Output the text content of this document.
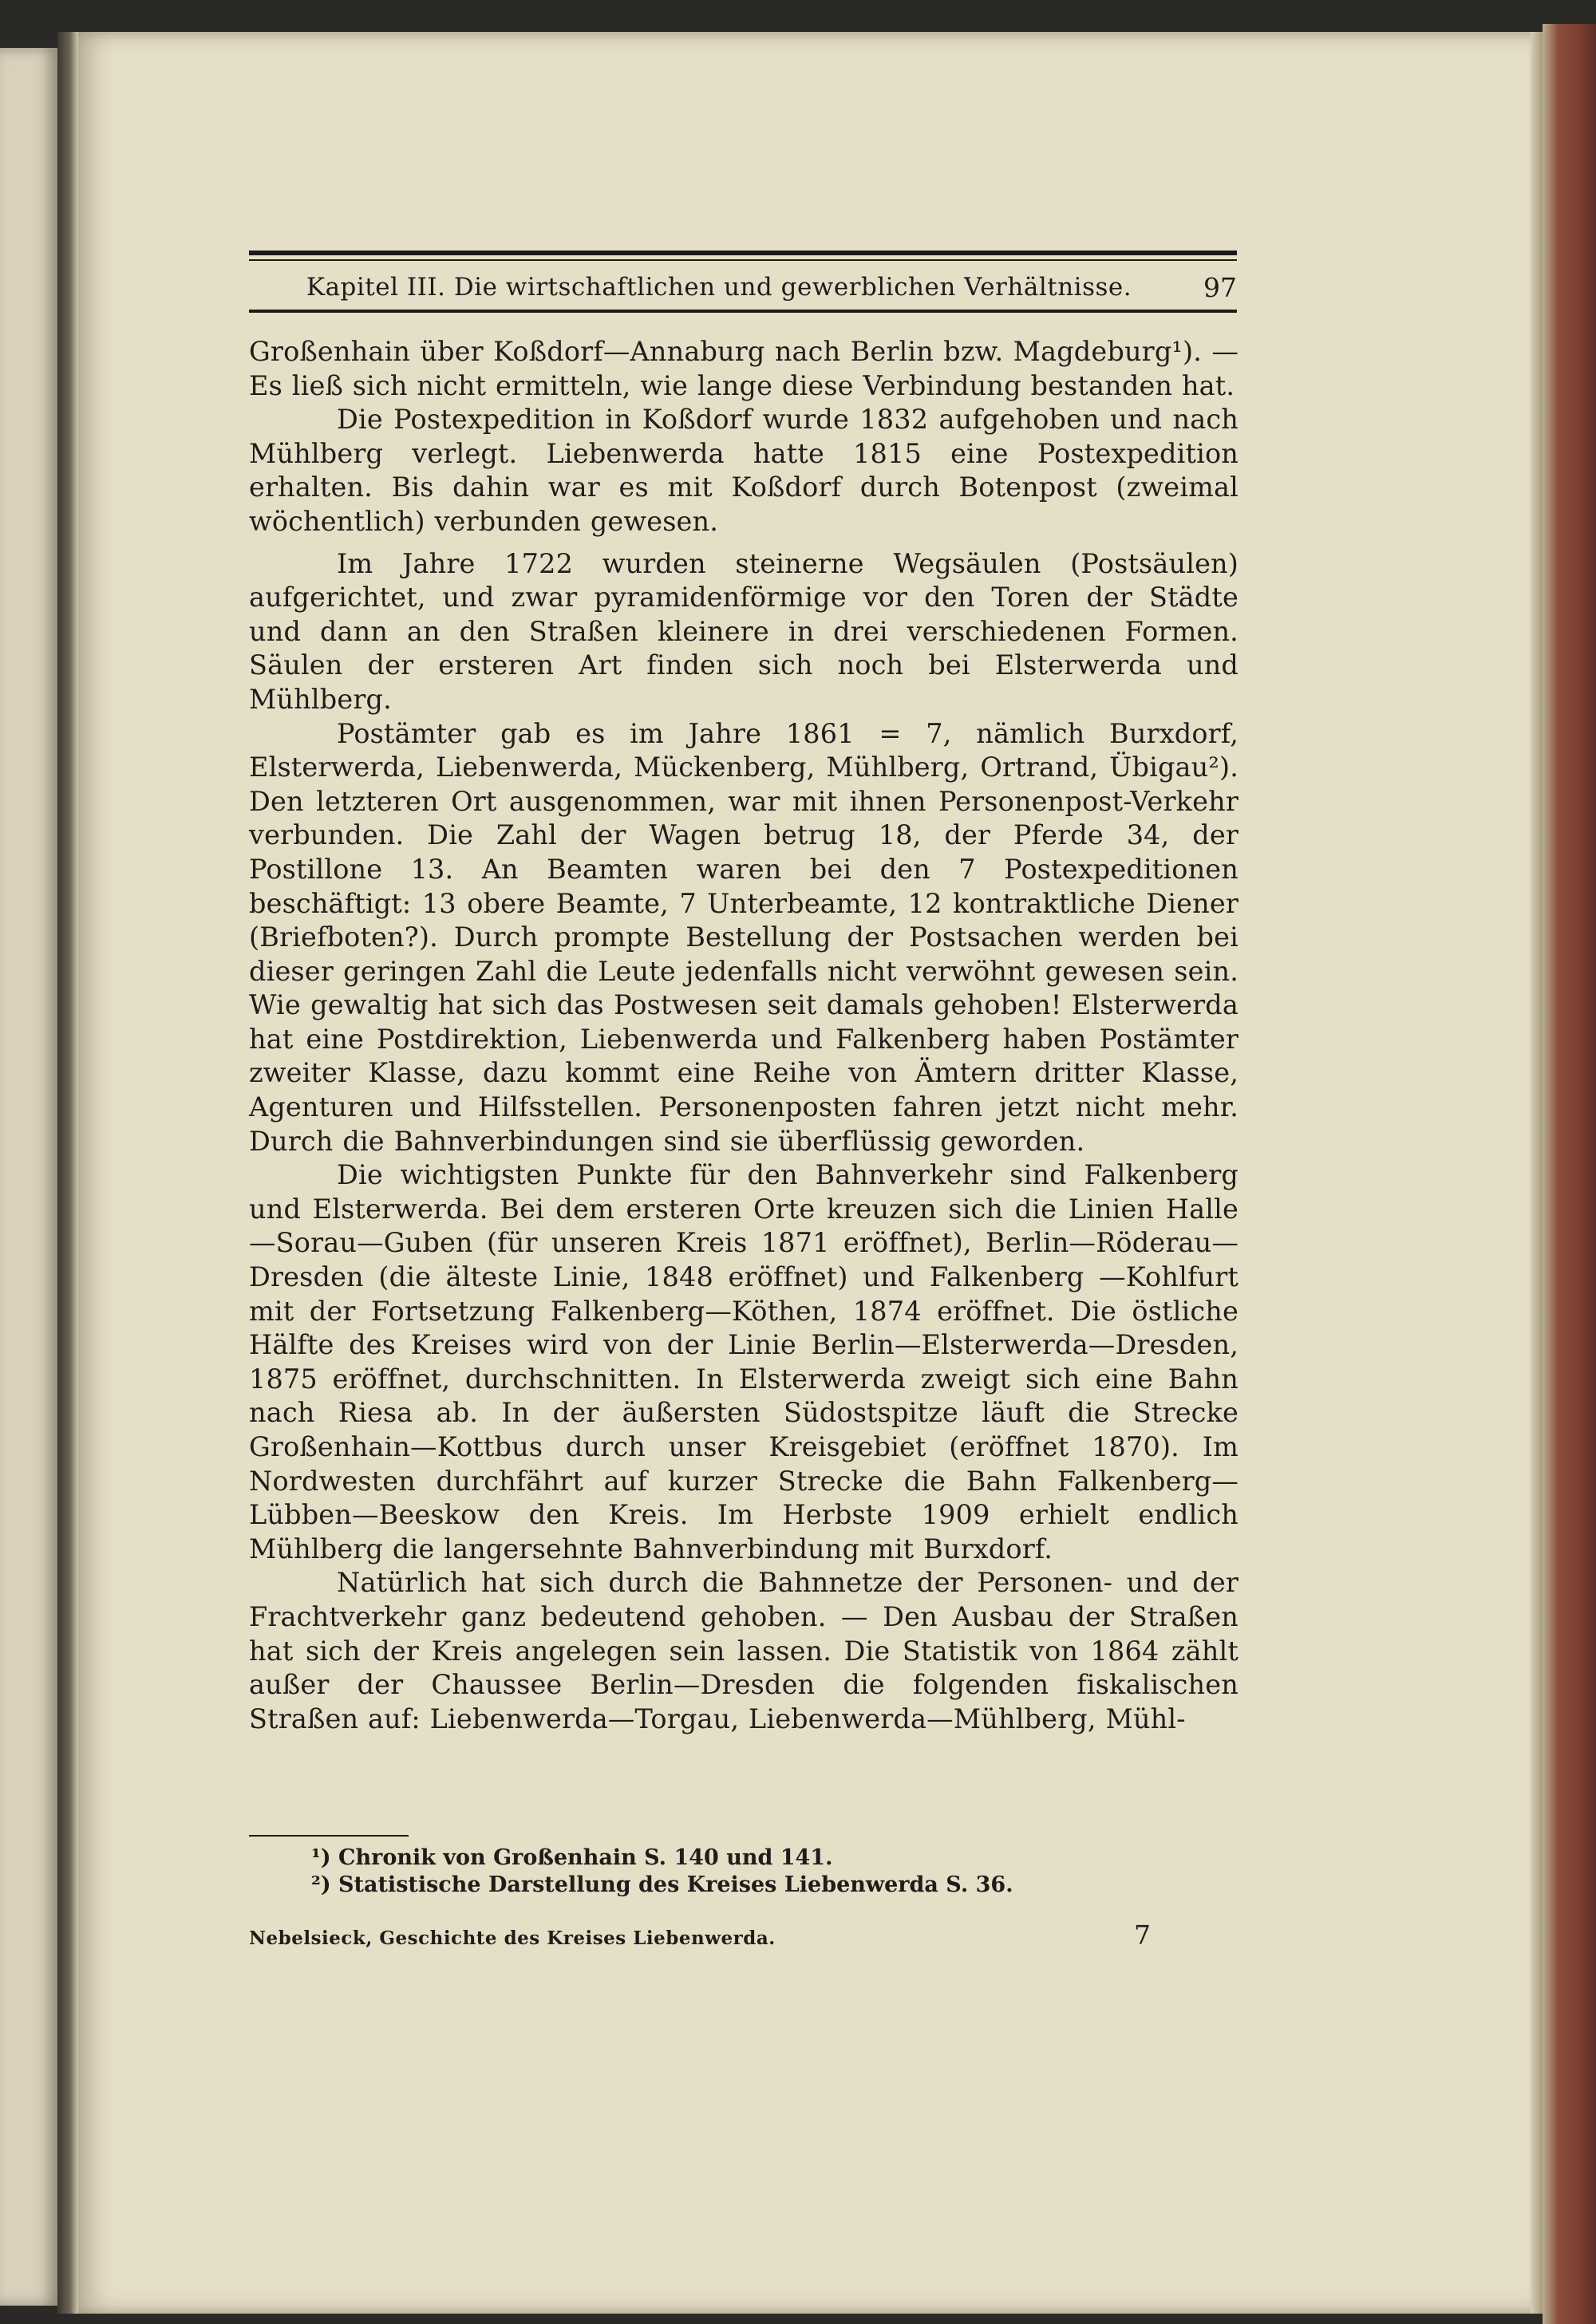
Kapitel III. Die wirtschaftlichen und gewerblichen Verhältnisse.	97

Großenhain über Koßdorf—Annaburg nach Berlin bzw. Magdeburg¹). — Es ließ sich nicht ermitteln, wie lange diese Verbindung bestanden hat.

Die Postexpedition in Koßdorf wurde 1832 aufgehoben und nach Mühlberg verlegt. Liebenwerda hatte 1815 eine Postexpedition erhalten. Bis dahin war es mit Koßdorf durch Botenpost (zweimal wöchentlich) verbunden gewesen.

Im Jahre 1722 wurden steinerne Wegsäulen (Postsäulen) aufgerichtet, und zwar pyramidenförmige vor den Toren der Städte und dann an den Straßen kleinere in drei verschiedenen Formen. Säulen der ersteren Art finden sich noch bei Elsterwerda und Mühlberg.

Postämter gab es im Jahre 1861 = 7, nämlich Burxdorf, Elsterwerda, Liebenwerda, Mückenberg, Mühlberg, Ortrand, Übigau²). Den letzteren Ort ausgenommen, war mit ihnen Personenpost-Verkehr verbunden. Die Zahl der Wagen betrug 18, der Pferde 34, der Postillone 13. An Beamten waren bei den 7 Postexpeditionen beschäftigt: 13 obere Beamte, 7 Unterbeamte, 12 kontraktliche Diener (Briefboten?). Durch prompte Bestellung der Postsachen werden bei dieser geringen Zahl die Leute jedenfalls nicht verwöhnt gewesen sein. Wie gewaltig hat sich das Postwesen seit damals gehoben! Elsterwerda hat eine Postdirektion, Liebenwerda und Falkenberg haben Postämter zweiter Klasse, dazu kommt eine Reihe von Ämtern dritter Klasse, Agenturen und Hilfsstellen. Personenposten fahren jetzt nicht mehr. Durch die Bahnverbindungen sind sie überflüssig geworden.

Die wichtigsten Punkte für den Bahnverkehr sind Falkenberg und Elsterwerda. Bei dem ersteren Orte kreuzen sich die Linien Halle—Sorau—Guben (für unseren Kreis 1871 eröffnet), Berlin—Röderau—Dresden (die älteste Linie, 1848 eröffnet) und Falkenberg —Kohlfurt mit der Fortsetzung Falkenberg—Köthen, 1874 eröffnet. Die östliche Hälfte des Kreises wird von der Linie Berlin—Elsterwerda—Dresden, 1875 eröffnet, durchschnitten. In Elsterwerda zweigt sich eine Bahn nach Riesa ab. In der äußersten Südostspitze läuft die Strecke Großenhain—Kottbus durch unser Kreisgebiet (eröffnet 1870). Im Nordwesten durchfährt auf kurzer Strecke die Bahn Falkenberg—Lübben—Beeskow den Kreis. Im Herbste 1909 erhielt endlich Mühlberg die langersehnte Bahnverbindung mit Burxdorf.

Natürlich hat sich durch die Bahnnetze der Personen- und der Frachtverkehr ganz bedeutend gehoben. — Den Ausbau der Straßen hat sich der Kreis angelegen sein lassen. Die Statistik von 1864 zählt außer der Chaussee Berlin—Dresden die folgenden fiskalischen Straßen auf: Liebenwerda—Torgau, Liebenwerda—Mühlberg, Mühl-

¹) Chronik von Großenhain S. 140 und 141.
²) Statistische Darstellung des Kreises Liebenwerda S. 36.
Nebelsieck, Geschichte des Kreises Liebenwerda.	7
